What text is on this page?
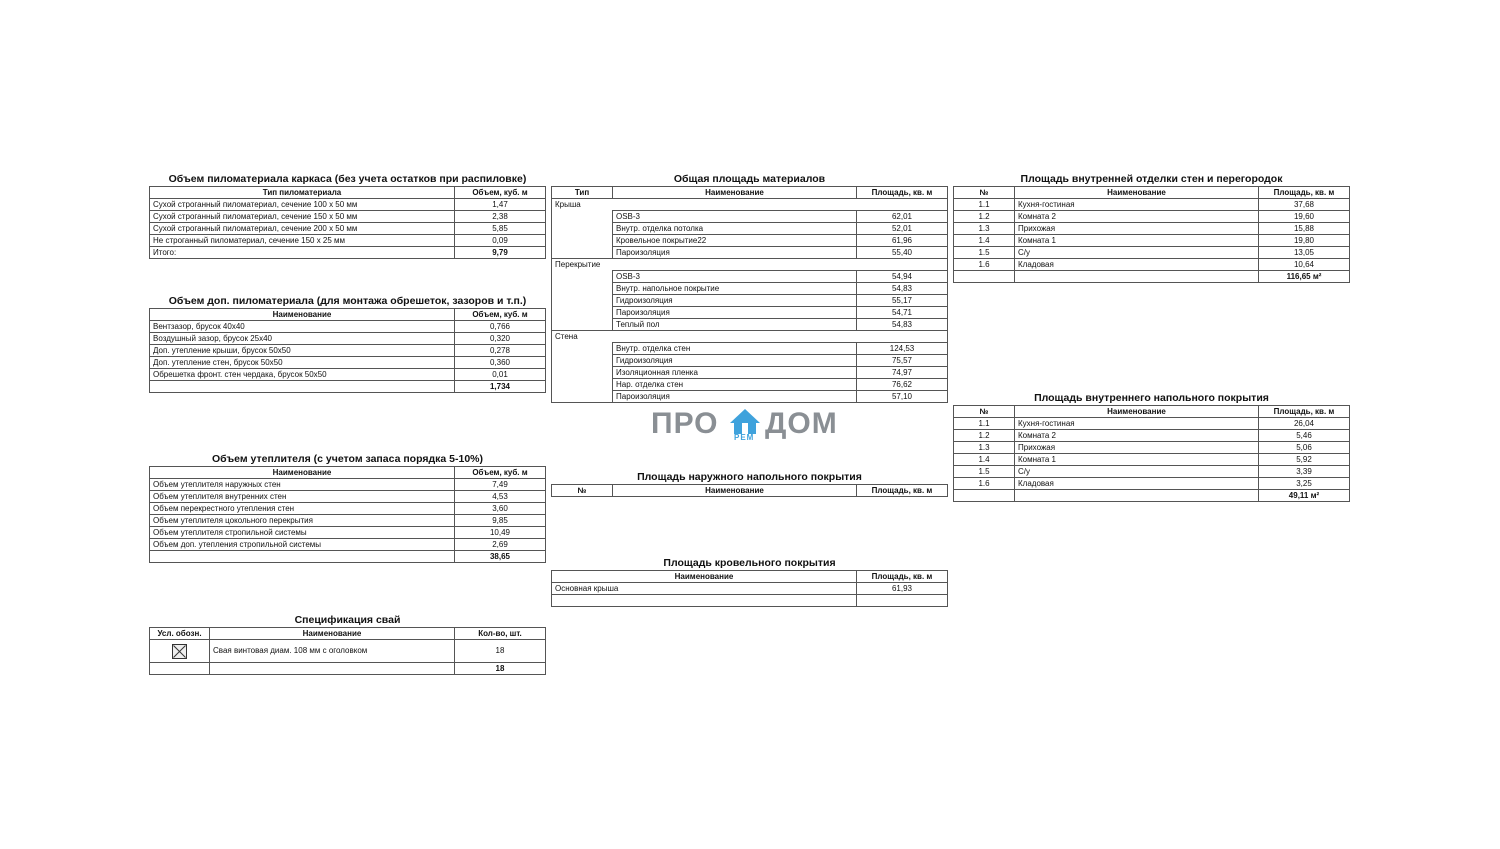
Объем пиломатериала каркаса (без учета остатков при распиловке)
Тип пиломатериала	Объем, куб. м
Сухой строганный пиломатериал, сечение 100 х 50 мм	1,47
Сухой строганный пиломатериал, сечение 150 х 50 мм	2,38
Сухой строганный пиломатериал, сечение 200 х 50 мм	5,85
Не строганный пиломатериал, сечение 150 х 25 мм	0,09
Итого:	9,79
Объем доп. пиломатериала (для монтажа обрешеток, зазоров и т.п.)
Наименование	Объем, куб. м
Вентзазор, брусок 40х40	0,766
Воздушный зазор, брусок 25х40	0,320
Доп. утепление крыши, брусок 50х50	0,278
Доп. утепление стен, брусок 50х50	0,360
Обрешетка фронт. стен чердака, брусок 50х50	0,01
	1,734
Объем утеплителя (с учетом запаса порядка 5-10%)
Наименование	Объем, куб. м
Объем утеплителя наружных стен	7,49
Объем утеплителя внутренних стен	4,53
Объем перекрестного утепления стен	3,60
Объем утеплителя цокольного перекрытия	9,85
Объем утеплителя стропильной системы	10,49
Объем доп. утепления стропильной системы	2,69
	38,65
Спецификация свай
Усл. обозн.	Наименование	Кол-во, шт.
	Свая винтовая диам. 108 мм с оголовком	18
		18
Общая площадь материалов
Тип	Наименование	Площадь, кв. м
Крыша		
	OSB-3	62,01
	Внутр. отделка потолка	52,01
	Кровельное покрытие22	61,96
	Пароизоляция	55,40
Перекрытие		
	OSB-3	54,94
	Внутр. напольное покрытие	54,83
	Гидроизоляция	55,17
	Пароизоляция	54,71
	Теплый пол	54,83
Стена		
	Внутр. отделка стен	124,53
	Гидроизоляция	75,57
	Изоляционная пленка	74,97
	Нар. отделка стен	76,62
	Пароизоляция	57,10
ПРО РЕМ ДОМ
Площадь наружного напольного покрытия
№	Наименование	Площадь, кв. м
Площадь кровельного покрытия
Наименование	Площадь, кв. м
Основная крыша	61,93

Площадь внутренней отделки стен и перегородок
№	Наименование	Площадь, кв. м
1.1	Кухня-гостиная	37,68
1.2	Комната 2	19,60
1.3	Прихожая	15,88
1.4	Комната 1	19,80
1.5	С/у	13,05
1.6	Кладовая	10,64
		116,65 м²
Площадь внутреннего напольного покрытия
№	Наименование	Площадь, кв. м
1.1	Кухня-гостиная	26,04
1.2	Комната 2	5,46
1.3	Прихожая	5,06
1.4	Комната 1	5,92
1.5	С/у	3,39
1.6	Кладовая	3,25
		49,11 м²
